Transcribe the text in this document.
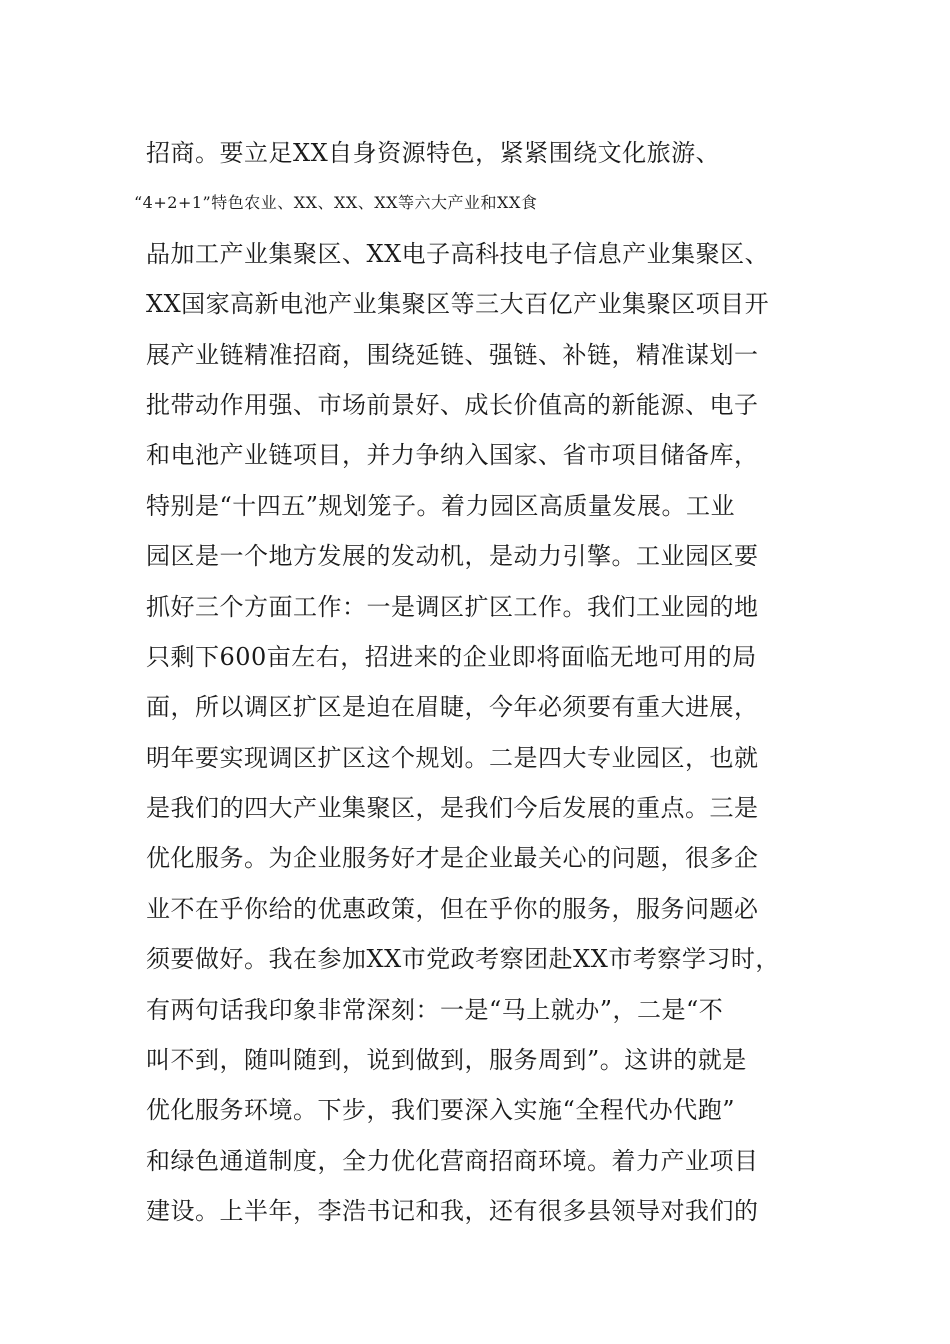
招商。要立足XX自身资源特色，紧紧围绕文化旅游、
“4+2+1”特色农业、XX、XX、XX等六大产业和XX食
品加工产业集聚区、XX电子高科技电子信息产业集聚区、
XX国家高新电池产业集聚区等三大百亿产业集聚区项目开
展产业链精准招商，围绕延链、强链、补链，精准谋划一
批带动作用强、市场前景好、成长价值高的新能源、电子
和电池产业链项目，并力争纳入国家、省市项目储备库，
特别是“十四五”规划笼子。着力园区高质量发展。工业
园区是一个地方发展的发动机，是动力引擎。工业园区要
抓好三个方面工作：一是调区扩区工作。我们工业园的地
只剩下600亩左右，招进来的企业即将面临无地可用的局
面，所以调区扩区是迫在眉睫，今年必须要有重大进展，
明年要实现调区扩区这个规划。二是四大专业园区，也就
是我们的四大产业集聚区，是我们今后发展的重点。三是
优化服务。为企业服务好才是企业最关心的问题，很多企
业不在乎你给的优惠政策，但在乎你的服务，服务问题必
须要做好。我在参加XX市党政考察团赴XX市考察学习时，
有两句话我印象非常深刻：一是“马上就办”，二是“不
叫不到，随叫随到，说到做到，服务周到”。这讲的就是
优化服务环境。下步，我们要深入实施“全程代办代跑”
和绿色通道制度，全力优化营商招商环境。着力产业项目
建设。上半年，李浩书记和我，还有很多县领导对我们的
